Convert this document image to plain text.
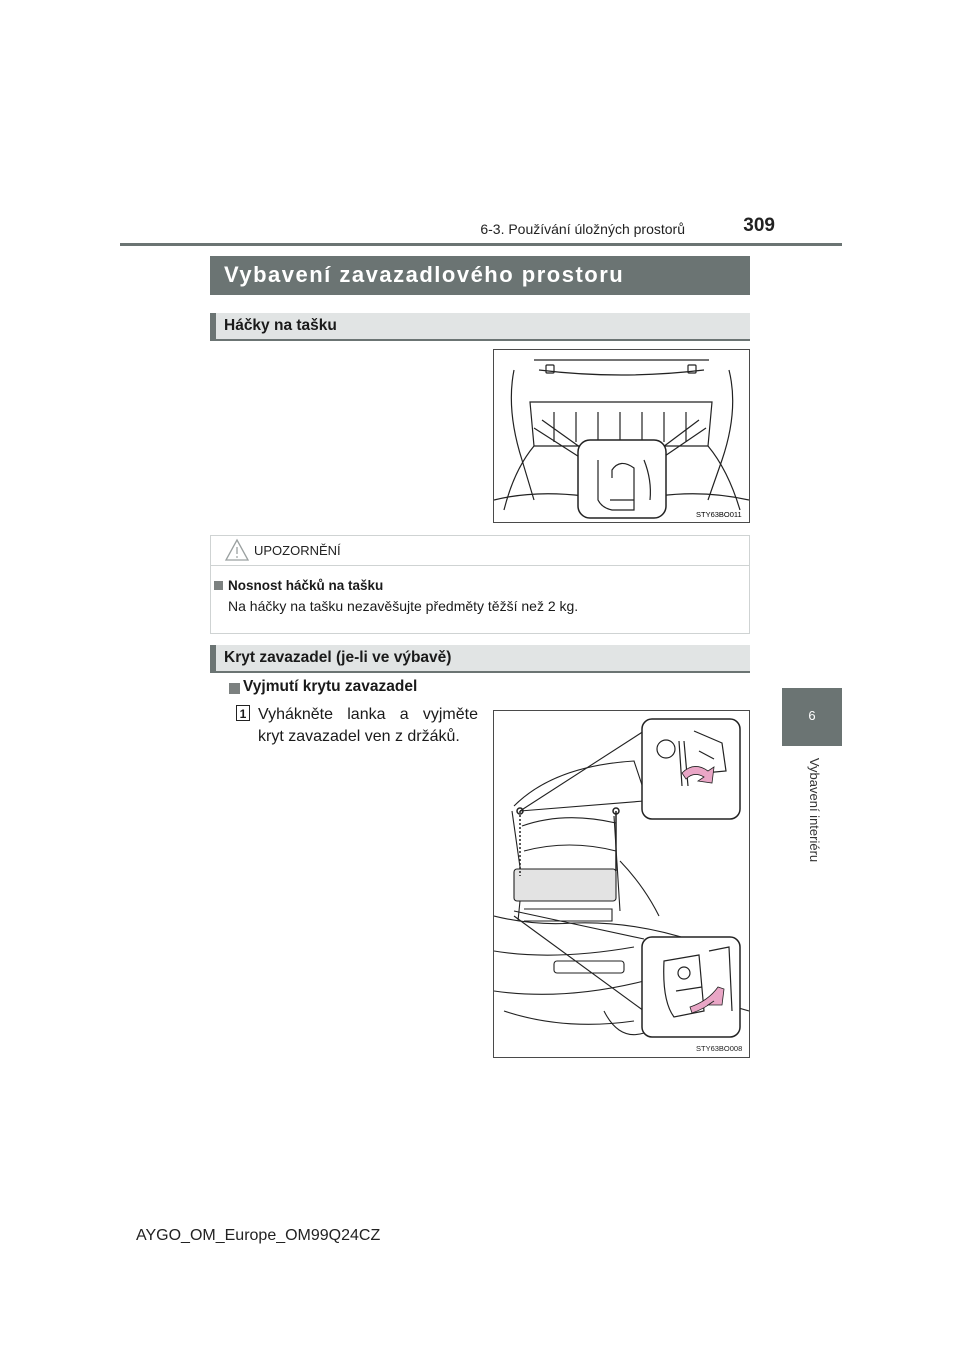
6-3. Používání úložných prostorů	309
6
Vybavení interiéru
Vybavení zavazadlového prostoru
Háčky na tašku
STY63BO011
UPOZORNĚNÍ
Nosnost háčků na tašku
Na háčky na tašku nezavěšujte předměty těžší než 2 kg.
Kryt zavazadel (je-li ve výbavě)
Vyjmutí krytu zavazadel
1 Vyhákněte lanka a vyjměte kryt zavazadel ven z držáků.
STY63BO008
AYGO_OM_Europe_OM99Q24CZ
